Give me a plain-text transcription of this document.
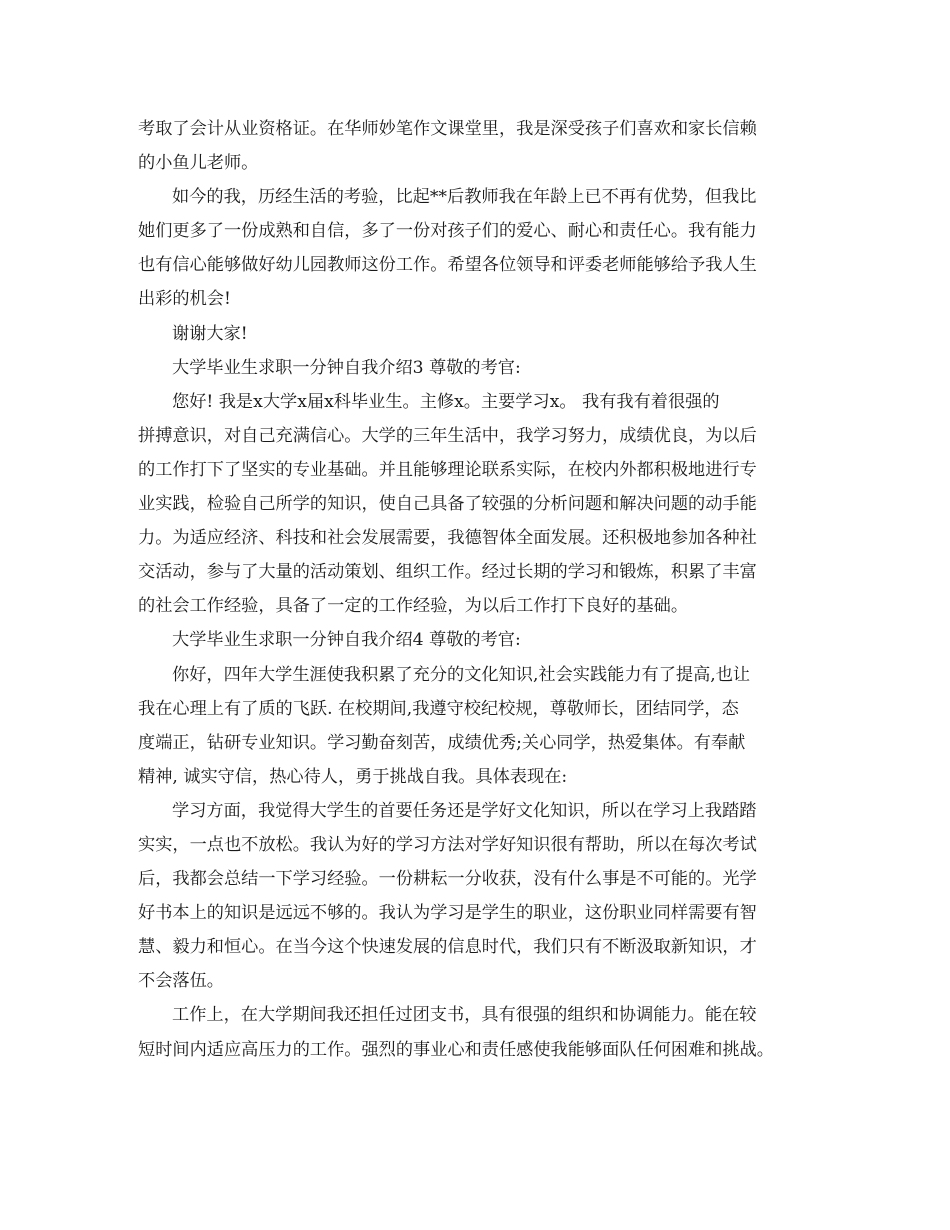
考取了会计从业资格证。在华师妙笔作文课堂里，我是深受孩子们喜欢和家长信赖

的小鱼儿老师。

如今的我，历经生活的考验，比起**后教师我在年龄上已不再有优势，但我比

她们更多了一份成熟和自信，多了一份对孩子们的爱心、耐心和责任心。我有能力

也有信心能够做好幼儿园教师这份工作。希望各位领导和评委老师能够给予我人生

出彩的机会!

谢谢大家!

大学毕业生求职一分钟自我介绍3 尊敬的考官:

您好! 我是x大学x届x科毕业生。主修x。主要学习x。 我有我有着很强的

拼搏意识，对自己充满信心。大学的三年生活中，我学习努力，成绩优良，为以后

的工作打下了坚实的专业基础。并且能够理论联系实际，在校内外都积极地进行专

业实践，检验自己所学的知识，使自己具备了较强的分析问题和解决问题的动手能

力。为适应经济、科技和社会发展需要，我德智体全面发展。还积极地参加各种社

交活动，参与了大量的活动策划、组织工作。经过长期的学习和锻炼，积累了丰富

的社会工作经验，具备了一定的工作经验，为以后工作打下良好的基础。

大学毕业生求职一分钟自我介绍4 尊敬的考官:

你好，四年大学生涯使我积累了充分的文化知识,社会实践能力有了提高,也让

我在心理上有了质的飞跃. 在校期间,我遵守校纪校规，尊敬师长，团结同学，态

度端正，钻研专业知识。学习勤奋刻苦，成绩优秀;关心同学，热爱集体。有奉献

精神, 诚实守信，热心待人，勇于挑战自我。具体表现在:

学习方面，我觉得大学生的首要任务还是学好文化知识，所以在学习上我踏踏

实实，一点也不放松。我认为好的学习方法对学好知识很有帮助，所以在每次考试

后，我都会总结一下学习经验。一份耕耘一分收获，没有什么事是不可能的。光学

好书本上的知识是远远不够的。我认为学习是学生的职业，这份职业同样需要有智

慧、毅力和恒心。在当今这个快速发展的信息时代，我们只有不断汲取新知识，才

不会落伍。

工作上，在大学期间我还担任过团支书，具有很强的组织和协调能力。能在较

短时间内适应高压力的工作。强烈的事业心和责任感使我能够面队任何困难和挑战。
